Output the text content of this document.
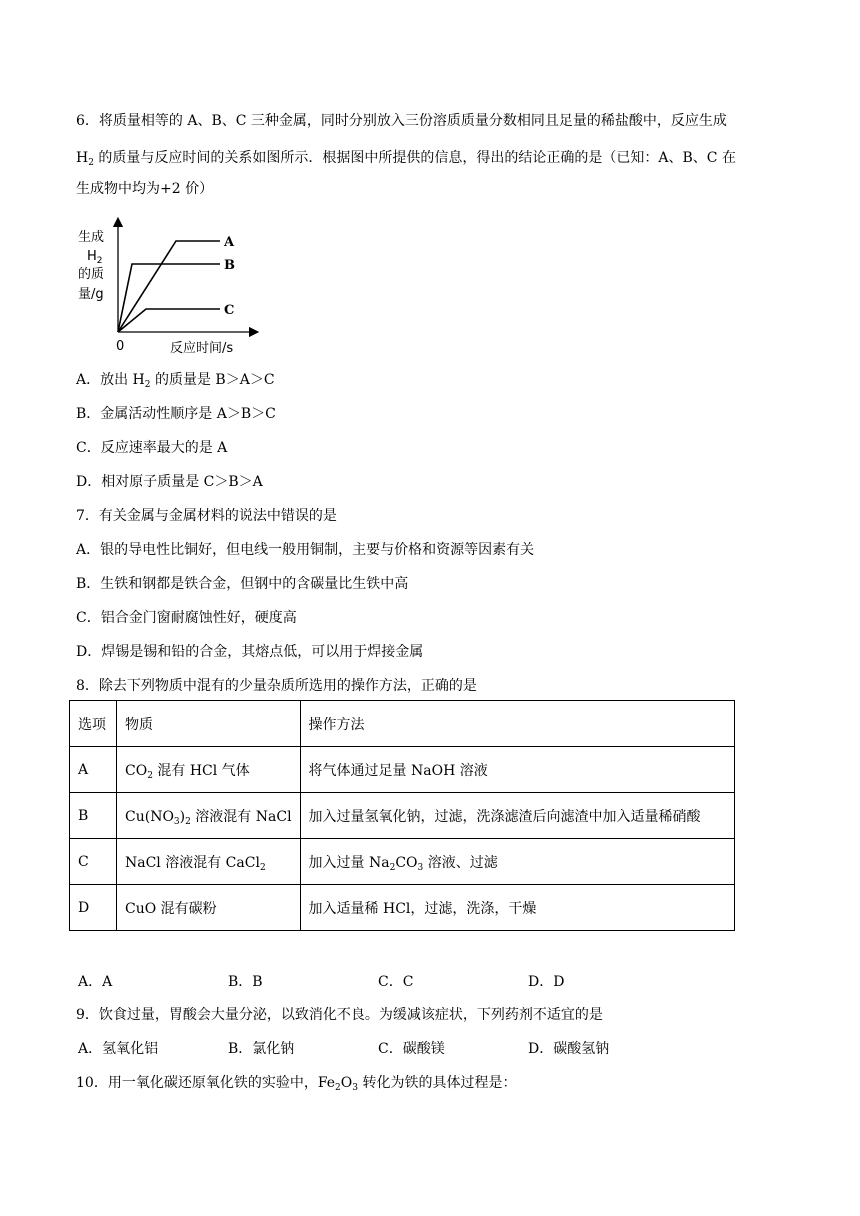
6．将质量相等的 A、B、C 三种金属，同时分别放入三份溶质质量分数相同且足量的稀盐酸中，反应生成
$H_2$ 的质量与反应时间的关系如图所示．根据图中所提供的信息，得出的结论正确的是（已知：A、B、C 在
生成物中均为+2 价）
生成
$H_2$
的质
量/g
0	反应时间/s
A
B
C
A．放出 $H_2$ 的质量是 B＞A＞C
B．金属活动性顺序是 A＞B＞C
C．反应速率最大的是 A
D．相对原子质量是 C＞B＞A
7．有关金属与金属材料的说法中错误的是
A．银的导电性比铜好，但电线一般用铜制，主要与价格和资源等因素有关
B．生铁和钢都是铁合金，但钢中的含碳量比生铁中高
C．铝合金门窗耐腐蚀性好，硬度高
D．焊锡是锡和铅的合金，其熔点低，可以用于焊接金属
8．除去下列物质中混有的少量杂质所选用的操作方法，正确的是
选项	物质	操作方法
A	$CO_2$ 混有 HCl 气体	将气体通过足量 NaOH 溶液
B	$Cu(NO_3)_2$ 溶液混有 NaCl	加入过量氢氧化钠，过滤，洗涤滤渣后向滤渣中加入适量稀硝酸
C	NaCl 溶液混有 CaCl$_2$	加入过量 $Na_2CO_3$ 溶液、过滤
D	CuO 混有碳粉	加入适量稀 HCl，过滤，洗涤，干燥
A．A	B．B	C．C	D．D
9．饮食过量，胃酸会大量分泌，以致消化不良。为缓减该症状，下列药剂不适宜的是
A．氢氧化铝	B．氯化钠	C．碳酸镁	D．碳酸氢钠
10．用一氧化碳还原氧化铁的实验中，$Fe_2O_3$ 转化为铁的具体过程是：
